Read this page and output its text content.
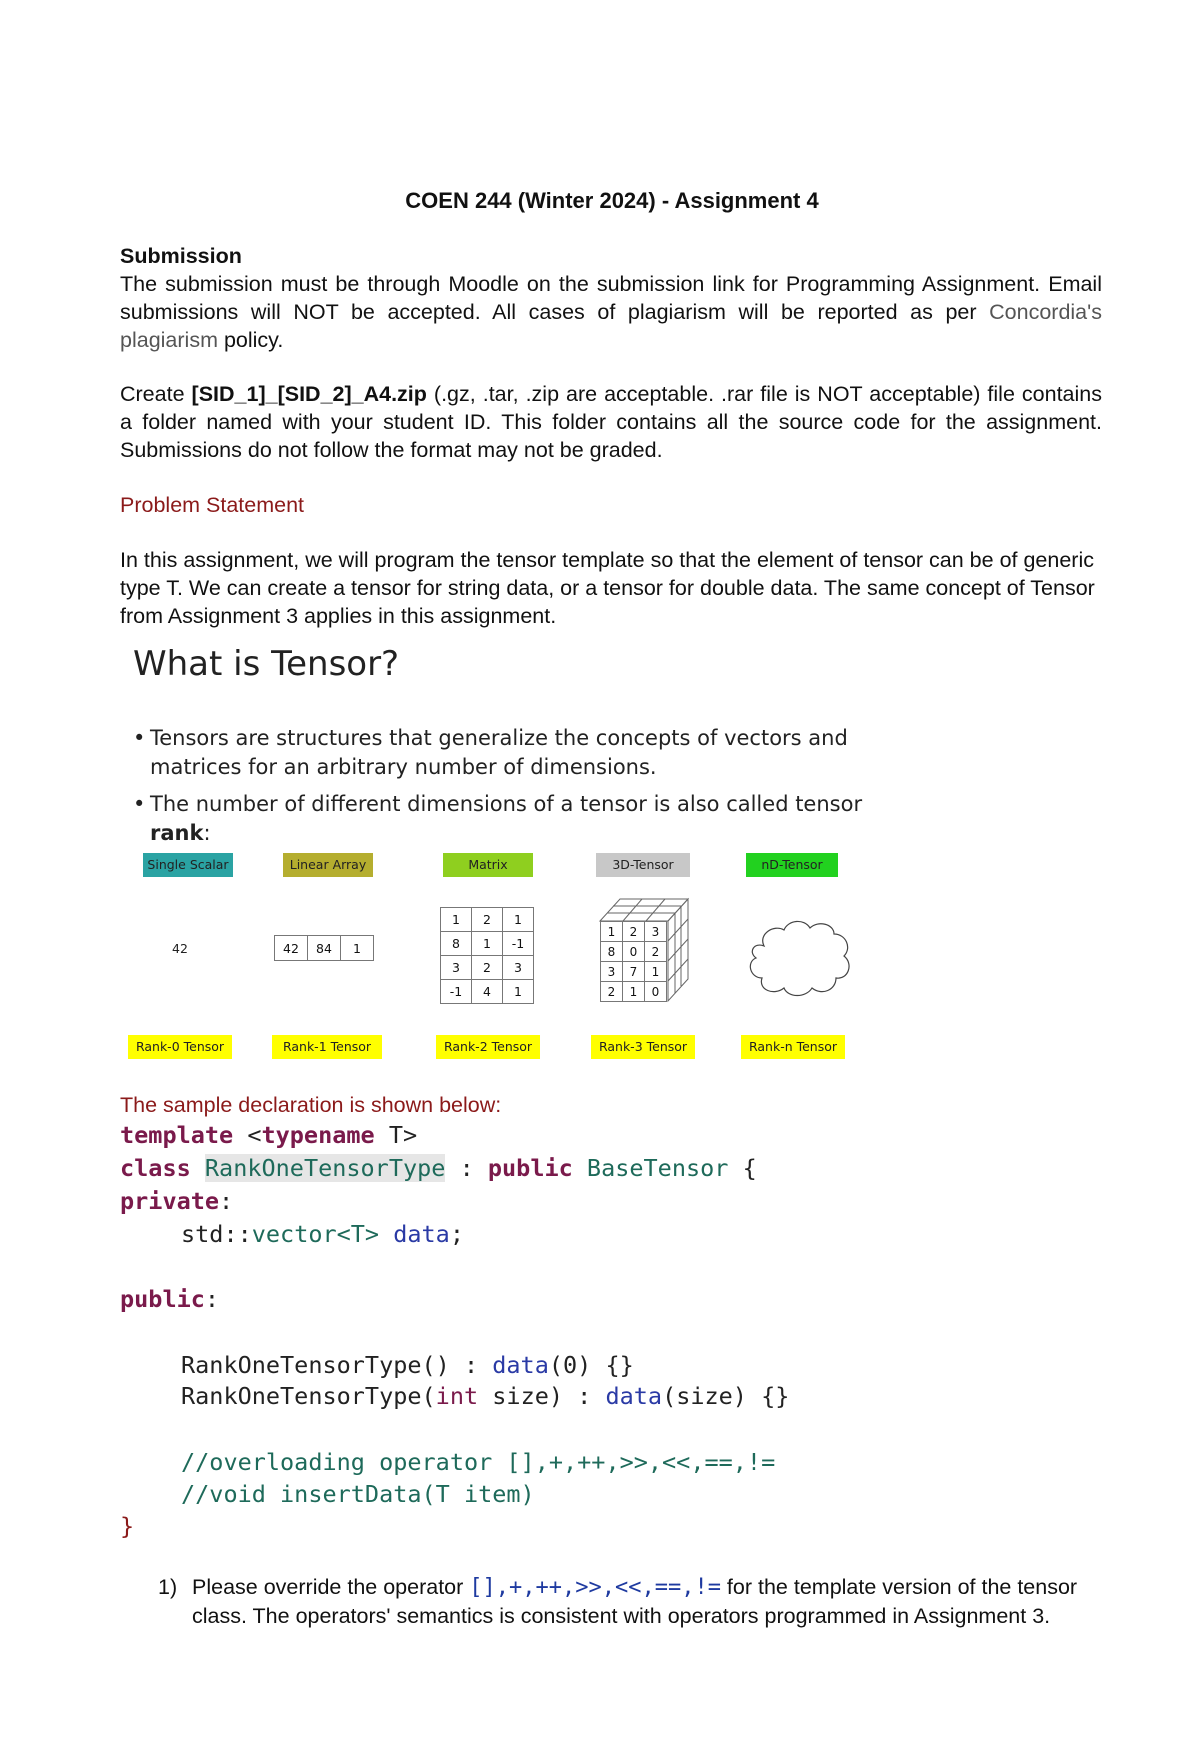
COEN 244 (Winter 2024) - Assignment 4
Submission
The submission must be through Moodle on the submission link for Programming Assignment. Email submissions will NOT be accepted. All cases of plagiarism will be reported as per Concordia's plagiarism policy.
Create [SID_1]_[SID_2]_A4.zip (.gz, .tar, .zip are acceptable. .rar file is NOT acceptable) file contains a folder named with your student ID. This folder contains all the source code for the assignment. Submissions do not follow the format may not be graded.
Problem Statement
In this assignment, we will program the tensor template so that the element of tensor can be of generic type T. We can create a tensor for string data, or a tensor for double data. The same concept of Tensor from Assignment 3 applies in this assignment.
What is Tensor?
• Tensors are structures that generalize the concepts of vectors and matrices for an arbitrary number of dimensions.
• The number of different dimensions of a tensor is also called tensor rank:
Single Scalar	Linear Array	Matrix	3D-Tensor	nD-Tensor
42	42	84	1
1	2	1
8	1	-1
3	2	3
-1	4	1
1	2	3
8	0	2
3	7	1
2	1	0
Rank-0 Tensor	Rank-1 Tensor	Rank-2 Tensor	Rank-3 Tensor	Rank-n Tensor
The sample declaration is shown below:
template <typename T>
class RankOneTensorType : public BaseTensor {
private:
std::vector<T> data;
public:
RankOneTensorType() : data(0) {}
RankOneTensorType(int size) : data(size) {}
//overloading operator [],+,++,>>,<<,==,!=
//void insertData(T item)
}
1) Please override the operator [],+,++,>>,<<,==,!= for the template version of the tensor class. The operators' semantics is consistent with operators programmed in Assignment 3.
